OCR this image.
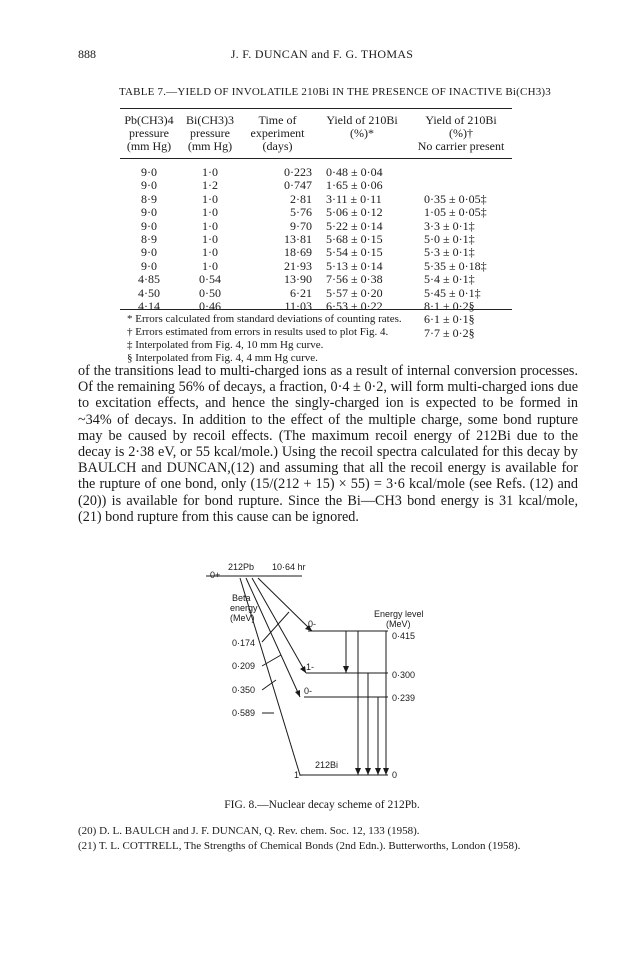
888	J. F. DUNCAN and F. G. THOMAS
TABLE 7.—YIELD OF INVOLATILE 210Bi IN THE PRESENCE OF INACTIVE Bi(CH3)3
Pb(CH3)4
pressure
(mm Hg)
Bi(CH3)3
pressure
(mm Hg)
Time of
experiment
(days)
Yield of 210Bi
(%)*
Yield of 210Bi
(%)†
No carrier present
9·0
9·0
8·9
9·0
9·0
8·9
9·0
9·0
4·85
4·50
4·14
1·0
1·2
1·0
1·0
1·0
1·0
1·0
1·0
0·54
0·50
0·46
0·223
0·747
2·81
5·76
9·70
13·81
18·69
21·93
13·90
6·21
11·03
0·48 ± 0·04
1·65 ± 0·06
3·11 ± 0·11
5·06 ± 0·12
5·22 ± 0·14
5·68 ± 0·15
5·54 ± 0·15
5·13 ± 0·14
7·56 ± 0·38
5·57 ± 0·20
6·53 ± 0·22

0·35 ± 0·05‡
1·05 ± 0·05‡
3·3 ± 0·1‡
5·0 ± 0·1‡
5·3 ± 0·1‡
5·35 ± 0·18‡
5·4 ± 0·1‡
5·45 ± 0·1‡
8·1 ± 0·2§
6·1 ± 0·1§
7·7 ± 0·2§

* Errors calculated from standard deviations of counting rates.
† Errors estimated from errors in results used to plot Fig. 4.
‡ Interpolated from Fig. 4, 10 mm Hg curve.
§ Interpolated from Fig. 4, 4 mm Hg curve.

of the transitions lead to multi-charged ions as a result of internal conversion processes. Of the remaining 56% of decays, a fraction, 0·4 ± 0·2, will form multi-charged ions due to excitation effects, and hence the singly-charged ion is expected to be formed in ~34% of decays. In addition to the effect of the multiple charge, some bond rupture may be caused by recoil effects. (The maximum recoil energy of 212Bi due to the decay is 2·38 eV, or 55 kcal/mole.) Using the recoil spectra calculated for this decay by BAULCH and DUNCAN,(12) and assuming that all the recoil energy is available for the rupture of one bond, only (15/(212 + 15) × 55) = 3·6 kcal/mole (see Refs. (12) and (20)) is available for bond rupture. Since the Bi—CH3 bond energy is 31 kcal/mole,(21) bond rupture from this cause can be ignored.

0+
212Pb 10·64 hr
Beta
energy
(MeV)
0·174
0·209
0·350
0·589
Energy level
(MeV)
0·415
0·300
0·239
0
0-
1-
0-
1-
212Bi
FIG. 8.—Nuclear decay scheme of 212Pb.
(20) D. L. BAULCH and J. F. DUNCAN, Q. Rev. chem. Soc. 12, 133 (1958).
(21) T. L. COTTRELL, The Strengths of Chemical Bonds (2nd Edn.). Butterworths, London (1958).
